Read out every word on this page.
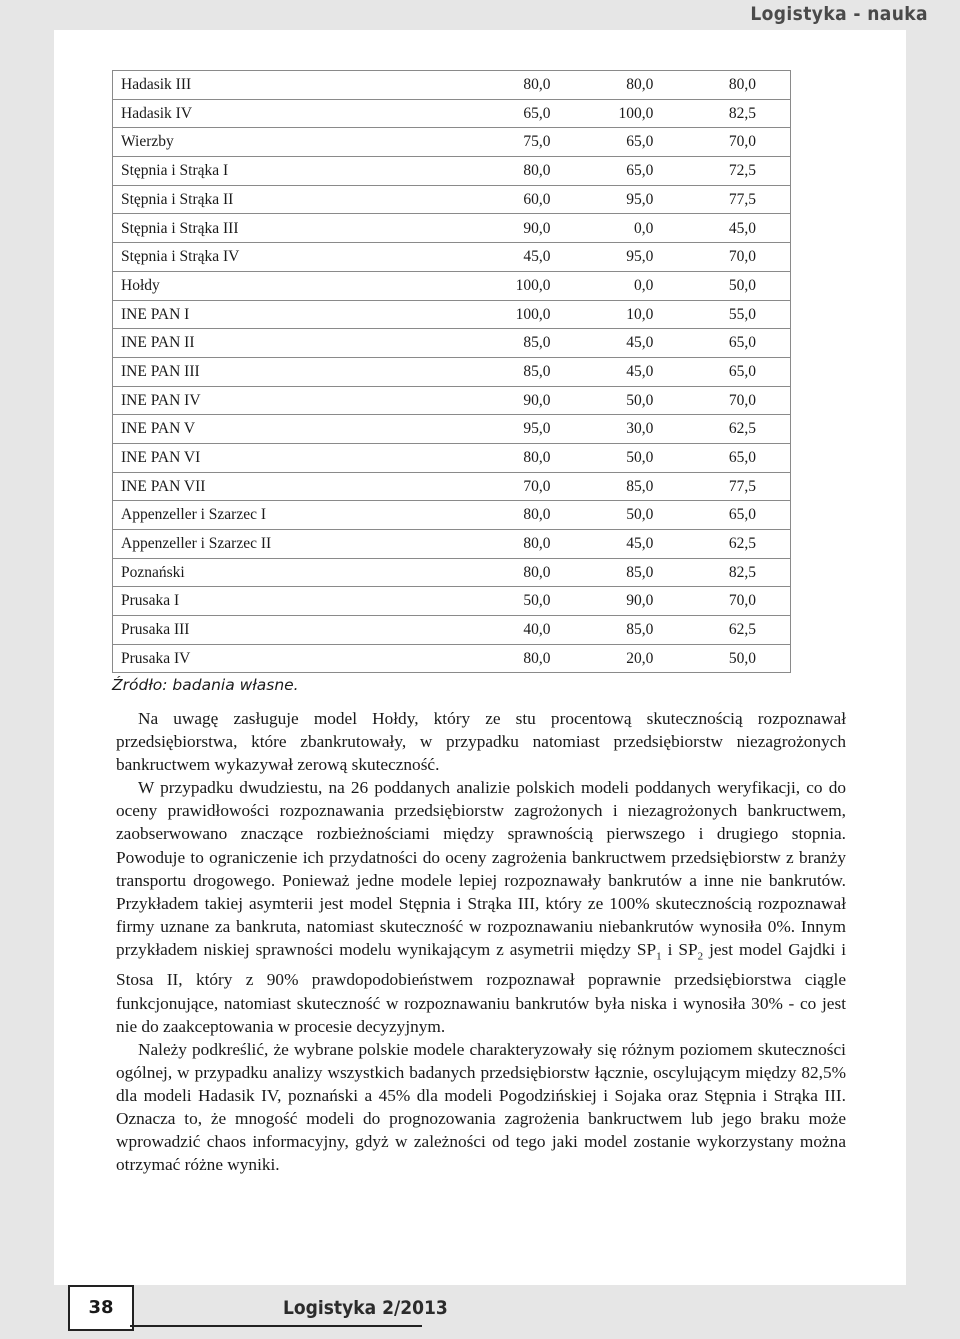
Logistyka - nauka
Hadasik III	80,0	80,0	80,0
Hadasik IV	65,0	100,0	82,5
Wierzby	75,0	65,0	70,0
Stępnia i Strąka I	80,0	65,0	72,5
Stępnia i Strąka II	60,0	95,0	77,5
Stępnia i Strąka III	90,0	0,0	45,0
Stępnia i Strąka IV	45,0	95,0	70,0
Hołdy	100,0	0,0	50,0
INE PAN I	100,0	10,0	55,0
INE PAN II	85,0	45,0	65,0
INE PAN III	85,0	45,0	65,0
INE PAN IV	90,0	50,0	70,0
INE PAN V	95,0	30,0	62,5
INE PAN VI	80,0	50,0	65,0
INE PAN VII	70,0	85,0	77,5
Appenzeller i Szarzec I	80,0	50,0	65,0
Appenzeller i Szarzec II	80,0	45,0	62,5
Poznański	80,0	85,0	82,5
Prusaka I	50,0	90,0	70,0
Prusaka III	40,0	85,0	62,5
Prusaka IV	80,0	20,0	50,0
Źródło: badania własne.

Na uwagę zasługuje model Hołdy, który ze stu procentową skutecznością rozpoznawał przedsiębiorstwa, które zbankrutowały, w przypadku natomiast przedsiębiorstw niezagrożonych bankructwem wykazywał zerową skuteczność.

W przypadku dwudziestu, na 26 poddanych analizie polskich modeli poddanych weryfikacji, co do oceny prawidłowości rozpoznawania przedsiębiorstw zagrożonych i niezagrożonych bankructwem, zaobserwowano znaczące rozbieżnościami między sprawnością pierwszego i drugiego stopnia. Powoduje to ograniczenie ich przydatności do oceny zagrożenia bankructwem przedsiębiorstw z branży transportu drogowego. Ponieważ jedne modele lepiej rozpoznawały bankrutów a inne nie bankrutów. Przykładem takiej asymterii jest model Stępnia i Strąka III, który ze 100% skutecznością rozpoznawał firmy uznane za bankruta, natomiast skuteczność w rozpoznawaniu niebankrutów wynosiła 0%. Innym przykładem niskiej sprawności modelu wynikającym z asymetrii między $SP_1$ i $SP_2$ jest model Gajdki i Stosa II, który z 90% prawdopodobieństwem rozpoznawał poprawnie przedsiębiorstwa ciągle funkcjonujące, natomiast skuteczność w rozpoznawaniu bankrutów była niska i wynosiła 30% - co jest nie do zaakceptowania w procesie decyzyjnym.

Należy podkreślić, że wybrane polskie modele charakteryzowały się różnym poziomem skuteczności ogólnej, w przypadku analizy wszystkich badanych przedsiębiorstw łącznie, oscylującym między 82,5% dla modeli Hadasik IV, poznański a 45% dla modeli Pogodzińskiej i Sojaka oraz Stępnia i Strąka III. Oznacza to, że mnogość modeli do prognozowania zagrożenia bankructwem lub jego braku może wprowadzić chaos informacyjny, gdyż w zależności od tego jaki model zostanie wykorzystany można otrzymać różne wyniki.

38	Logistyka 2/2013
